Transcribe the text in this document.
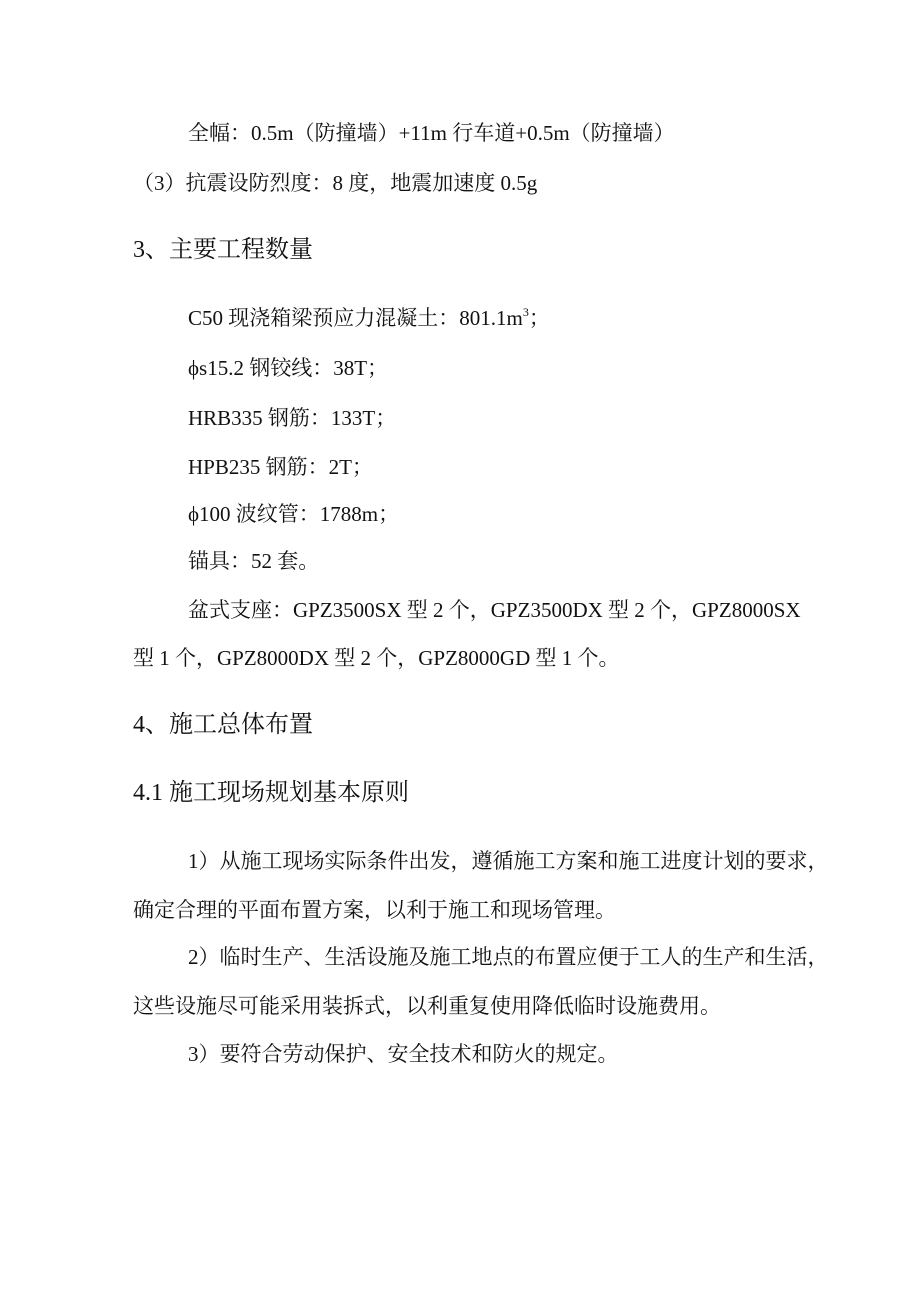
全幅：0.5m（防撞墙）+11m 行车道+0.5m（防撞墙）
（3）抗震设防烈度：8 度，地震加速度 0.5g
3、主要工程数量
C50 现浇箱梁预应力混凝土：$801.1m^3$；
ϕs15.2 钢铰线：38T；
HRB335 钢筋：133T；
HPB235 钢筋：2T；
ϕ100 波纹管：1788m；
锚具：52 套。
盆式支座：GPZ3500SX 型 2 个，GPZ3500DX 型 2 个，GPZ8000SX
型 1 个，GPZ8000DX 型 2 个，GPZ8000GD 型 1 个。
4、施工总体布置
4.1 施工现场规划基本原则
1）从施工现场实际条件出发，遵循施工方案和施工进度计划的要求，
确定合理的平面布置方案，以利于施工和现场管理。
2）临时生产、生活设施及施工地点的布置应便于工人的生产和生活，
这些设施尽可能采用装拆式，以利重复使用降低临时设施费用。
3）要符合劳动保护、安全技术和防火的规定。
